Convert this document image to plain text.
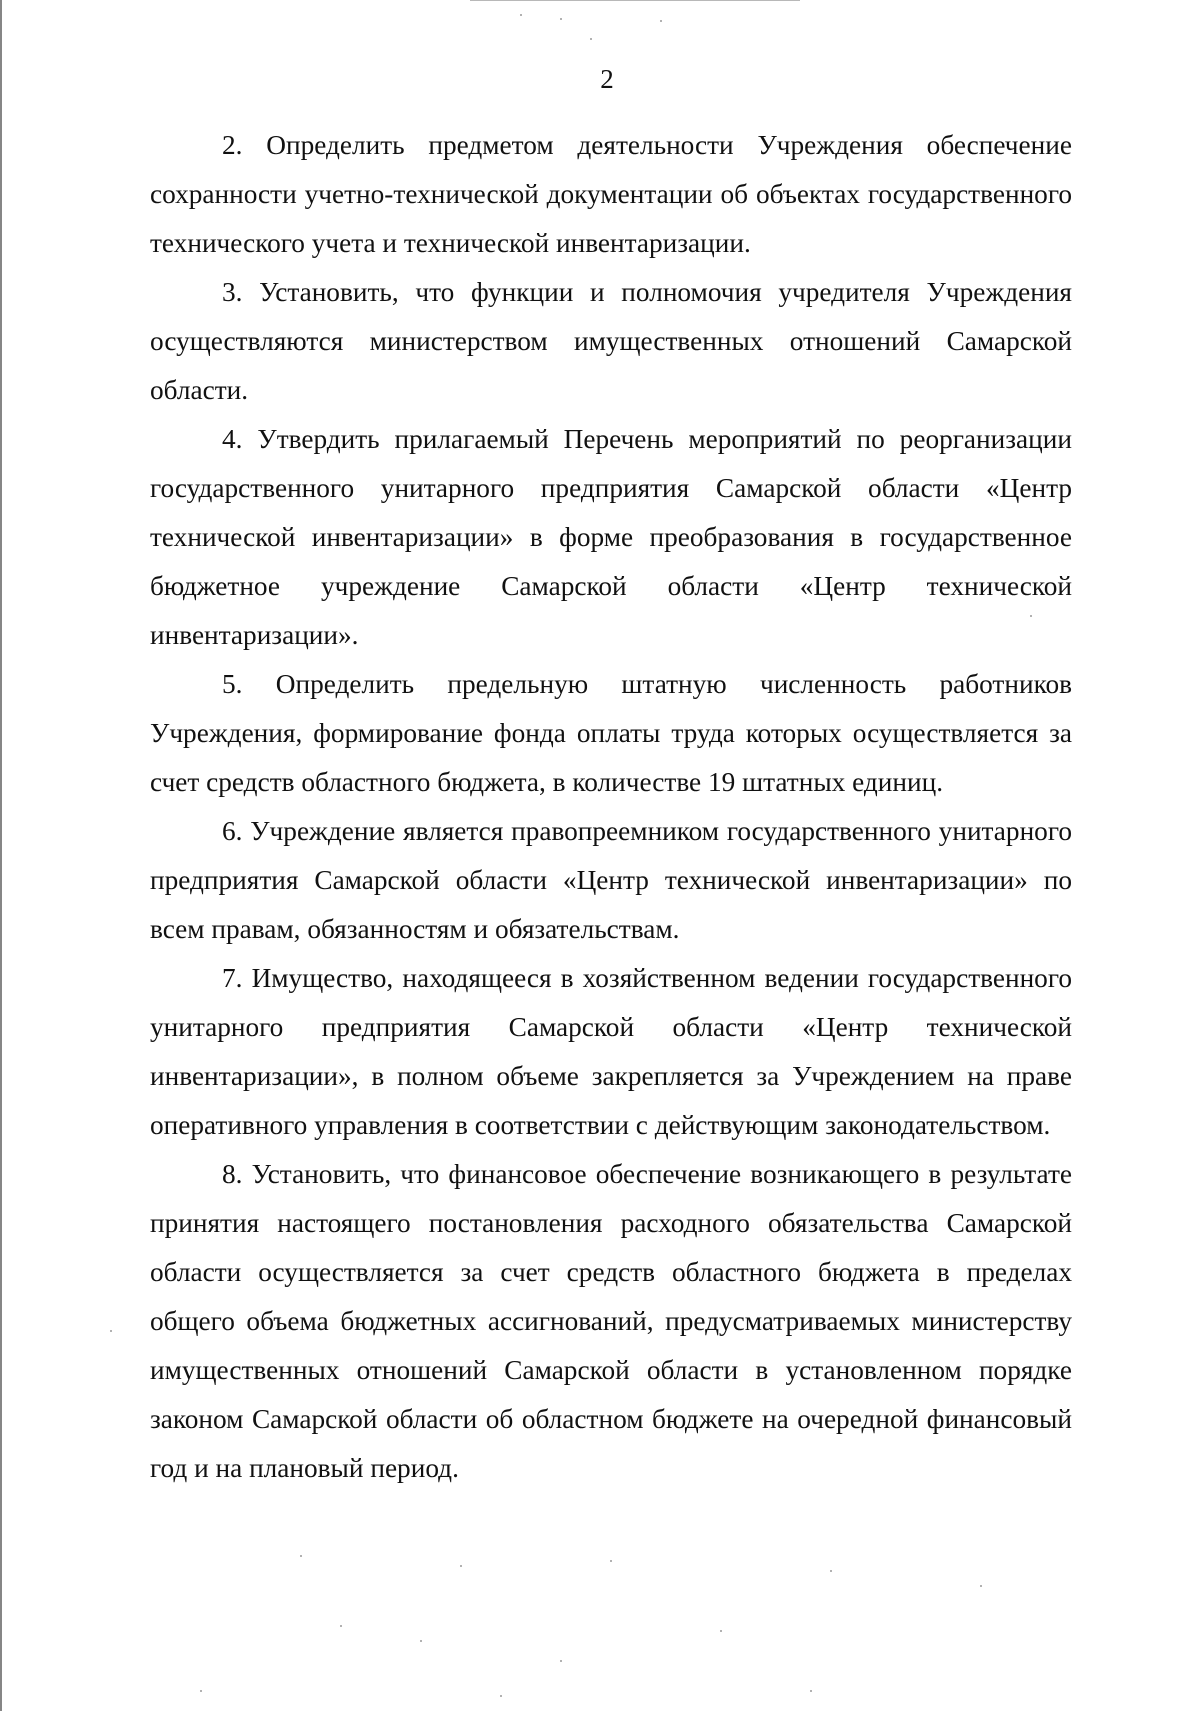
2

2. Определить предметом деятельности Учреждения обеспечение сохранности учетно-технической документации об объектах государственного технического учета и технической инвентаризации.

3. Установить, что функции и полномочия учредителя Учреждения осуществляются министерством имущественных отношений Самарской области.

4. Утвердить прилагаемый Перечень мероприятий по реорганизации государственного унитарного предприятия Самарской области «Центр технической инвентаризации» в форме преобразования в государственное бюджетное учреждение Самарской области «Центр технической инвентаризации».

5. Определить предельную штатную численность работников Учреждения, формирование фонда оплаты труда которых осуществляется за счет средств областного бюджета, в количестве 19 штатных единиц.

6. Учреждение является правопреемником государственного унитарного предприятия Самарской области «Центр технической инвентаризации» по всем правам, обязанностям и обязательствам.

7. Имущество, находящееся в хозяйственном ведении государственного унитарного предприятия Самарской области «Центр технической инвентаризации», в полном объеме закрепляется за Учреждением на праве оперативного управления в соответствии с действующим законодательством.

8. Установить, что финансовое обеспечение возникающего в результате принятия настоящего постановления расходного обязательства Самарской области осуществляется за счет средств областного бюджета в пределах общего объема бюджетных ассигнований, предусматриваемых министерству имущественных отношений Самарской области в установленном порядке законом Самарской области об областном бюджете на очередной финансовый год и на плановый период.
